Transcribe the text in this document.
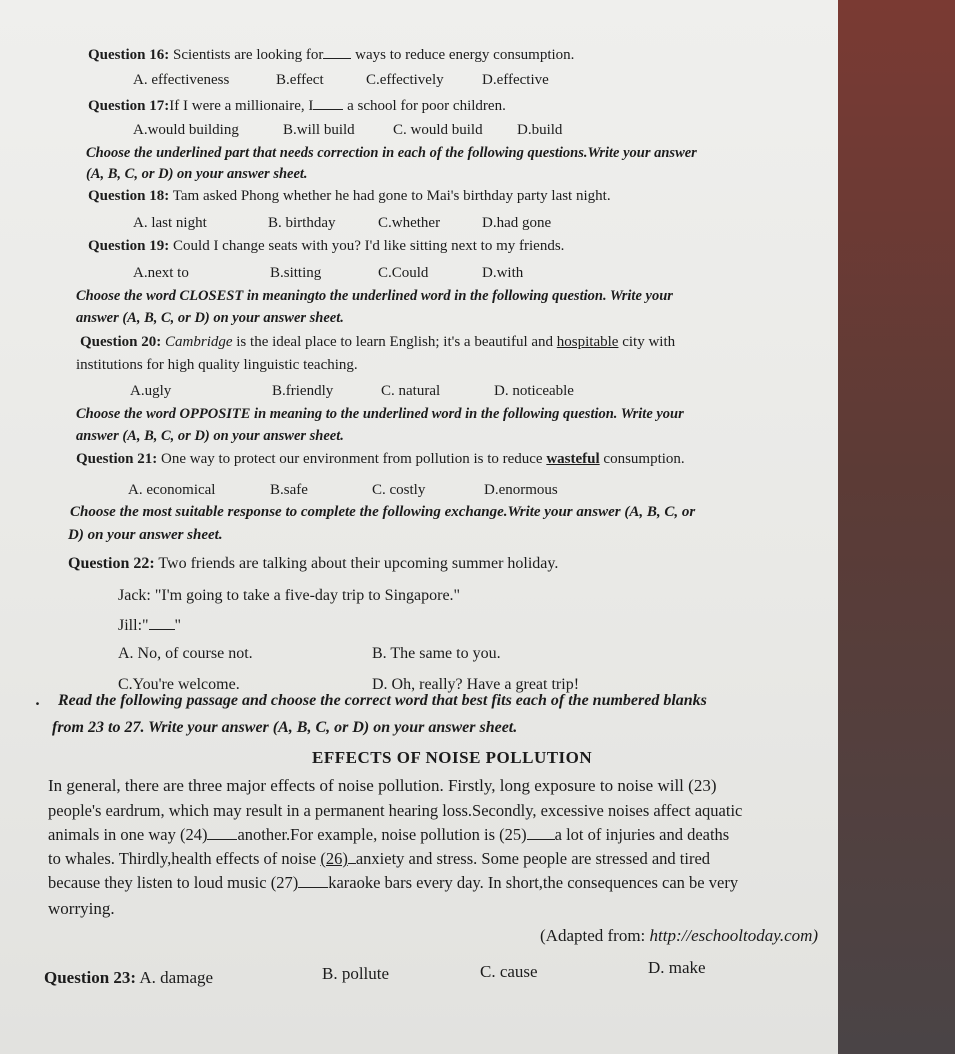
Question 16: Scientists are looking for ways to reduce energy consumption.
A. effectiveness	B.effect	C.effectively	D.effective
Question 17:If I were a millionaire, I a school for poor children.
A.would building	B.will build	C. would build D.build
Choose the underlined part that needs correction in each of the following questions.Write your answer
(A, B, C, or D) on your answer sheet.
Question 18: Tam asked Phong whether he had gone to Mai's birthday party last night.
A. last night	B. birthday	C.whether	D.had gone
Question 19: Could I change seats with you? I'd like sitting next to my friends.
A.next to	B.sitting	C.Could	D.with
Choose the word CLOSEST in meaningto the underlined word in the following question. Write your
answer (A, B, C, or D) on your answer sheet.
Question 20: Cambridge is the ideal place to learn English; it's a beautiful and hospitable city with
institutions for high quality linguistic teaching.
A.ugly	B.friendly	C. natural	D. noticeable
Choose the word OPPOSITE in meaning to the underlined word in the following question. Write your
answer (A, B, C, or D) on your answer sheet.
Question 21: One way to protect our environment from pollution is to reduce wasteful consumption.
A. economical	B.safe	C. costly	D.enormous
Choose the most suitable response to complete the following exchange.Write your answer (A, B, C, or
D) on your answer sheet.
Question 22: Two friends are talking about their upcoming summer holiday.
Jack: "I'm going to take a five-day trip to Singapore."
Jill:" "
A. No, of course not.	B. The same to you.
C.You're welcome.	D. Oh, really? Have a great trip!
. Read the following passage and choose the correct word that best fits each of the numbered blanks
from 23 to 27. Write your answer (A, B, C, or D) on your answer sheet.
EFFECTS OF NOISE POLLUTION
In general, there are three major effects of noise pollution. Firstly, long exposure to noise will (23)
people's eardrum, which may result in a permanent hearing loss.Secondly, excessive noises affect aquatic
animals in one way (24) another.For example, noise pollution is (25) a lot of injuries and deaths
to whales. Thirdly,health effects of noise (26) anxiety and stress. Some people are stressed and tired
because they listen to loud music (27) karaoke bars every day. In short,the consequences can be very
worrying.
(Adapted from: http://eschooltoday.com)
Question 23: A. damage	B. pollute	C. cause	D. make
